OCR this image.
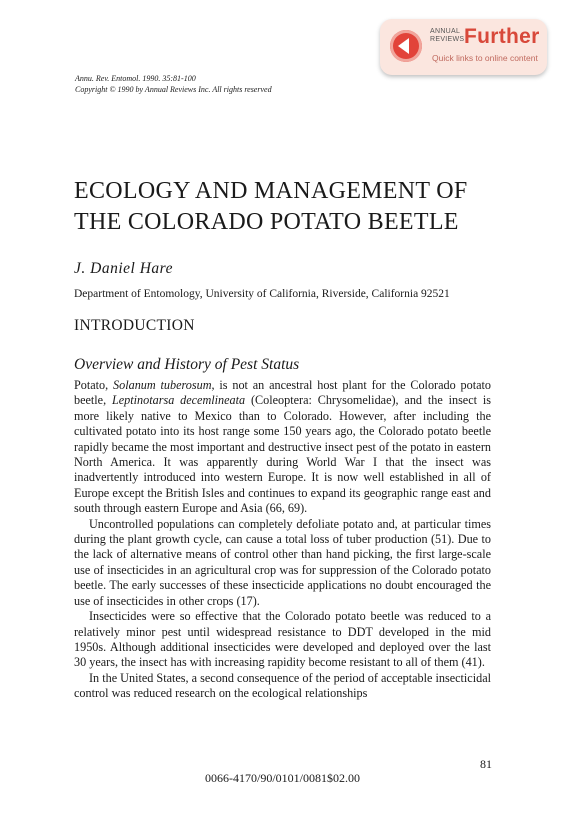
ANNUAL
REVIEWS Further
Quick links to online content
Annu. Rev. Entomol. 1990. 35:81-100
Copyright © 1990 by Annual Reviews Inc. All rights reserved
ECOLOGY AND MANAGEMENT OF
THE COLORADO POTATO BEETLE
J. Daniel Hare
Department of Entomology, University of California, Riverside, California 92521
INTRODUCTION
Overview and History of Pest Status

Potato, Solanum tuberosum, is not an ancestral host plant for the Colorado potato beetle, Leptinotarsa decemlineata (Coleoptera: Chrysomelidae), and the insect is more likely native to Mexico than to Colorado. However, after including the cultivated potato into its host range some 150 years ago, the Colorado potato beetle rapidly became the most important and destructive insect pest of the potato in eastern North America. It was apparently during World War I that the insect was inadvertently introduced into western Europe. It is now well established in all of Europe except the British Isles and continues to expand its geographic range east and south through eastern Europe and Asia (66, 69).

Uncontrolled populations can completely defoliate potato and, at particular times during the plant growth cycle, can cause a total loss of tuber production (51). Due to the lack of alternative means of control other than hand picking, the first large-scale use of insecticides in an agricultural crop was for suppression of the Colorado potato beetle. The early successes of these insecticide applications no doubt encouraged the use of insecticides in other crops (17).

Insecticides were so effective that the Colorado potato beetle was reduced to a relatively minor pest until widespread resistance to DDT developed in the mid 1950s. Although additional insecticides were developed and deployed over the last 30 years, the insect has with increasing rapidity become resistant to all of them (41).

In the United States, a second consequence of the period of acceptable insecticidal control was reduced research on the ecological relationships

81
0066-4170/90/0101/0081$02.00
